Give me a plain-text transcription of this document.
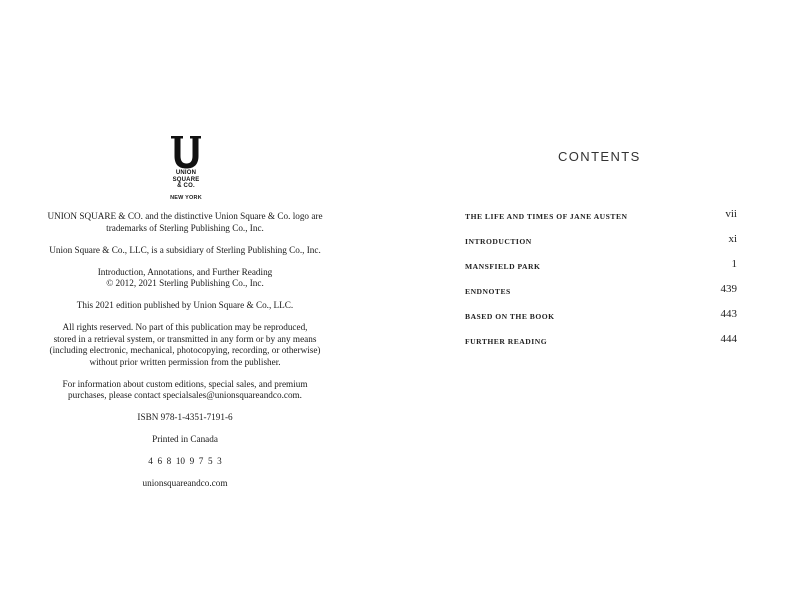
UNION
SQUARE
& CO.
NEW YORK

UNION SQUARE & CO. and the distinctive Union Square & Co. logo are
trademarks of Sterling Publishing Co., Inc.

Union Square & Co., LLC, is a subsidiary of Sterling Publishing Co., Inc.

Introduction, Annotations, and Further Reading
© 2012, 2021 Sterling Publishing Co., Inc.

This 2021 edition published by Union Square & Co., LLC.

All rights reserved. No part of this publication may be reproduced,
stored in a retrieval system, or transmitted in any form or by any means
(including electronic, mechanical, photocopying, recording, or otherwise)
without prior written permission from the publisher.

For information about custom editions, special sales, and premium
purchases, please contact specialsales@unionsquareandco.com.

ISBN 978-1-4351-7191-6

Printed in Canada

4  6  8  10  9  7  5  3

unionsquareandco.com

CONTENTS
THE LIFE AND TIMES OF JANE AUSTEN	vii
INTRODUCTION	xi
MANSFIELD PARK	1
ENDNOTES	439
BASED ON THE BOOK	443
FURTHER READING	444
